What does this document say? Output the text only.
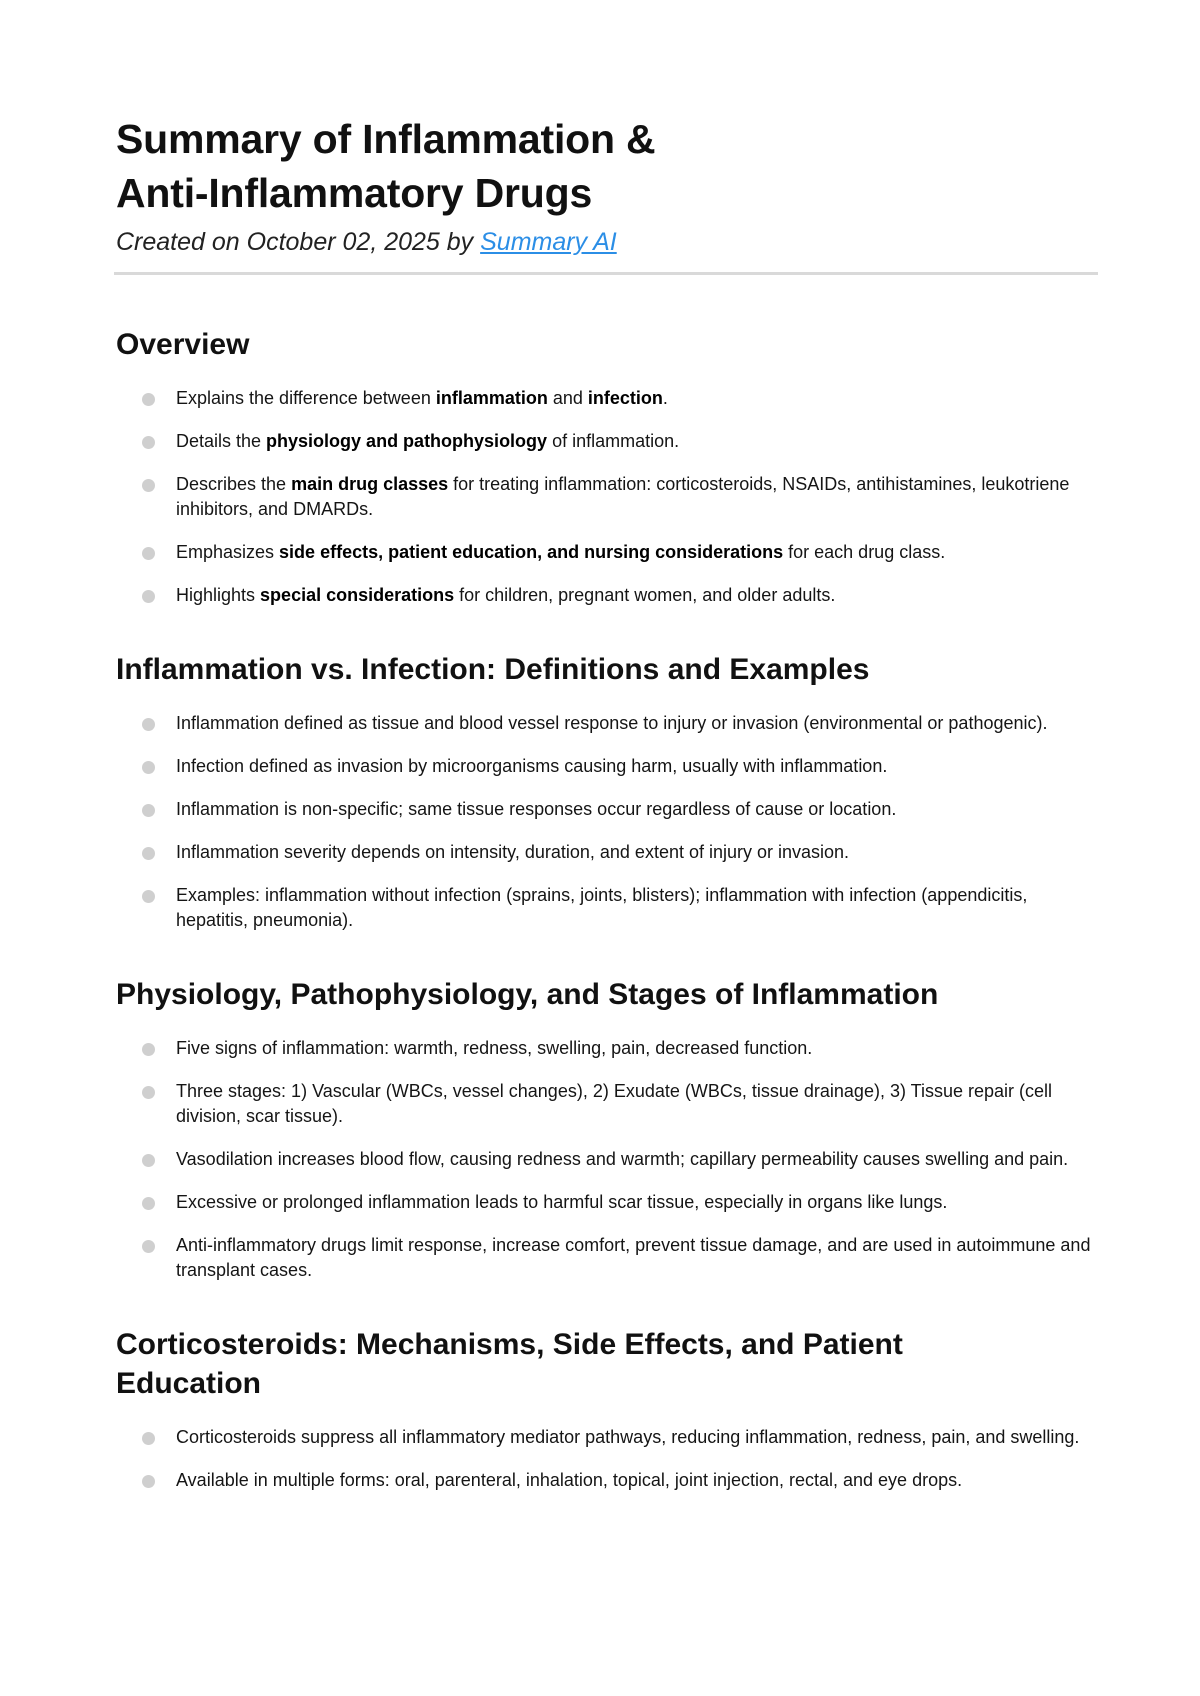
Summary of Inflammation &
Anti-Inflammatory Drugs
Created on October 02, 2025 by Summary AI
Overview
Explains the difference between inflammation and infection.
Details the physiology and pathophysiology of inflammation.
Describes the main drug classes for treating inflammation: corticosteroids, NSAIDs, antihistamines, leukotriene inhibitors, and DMARDs.
Emphasizes side effects, patient education, and nursing considerations for each drug class.
Highlights special considerations for children, pregnant women, and older adults.
Inflammation vs. Infection: Definitions and Examples
Inflammation defined as tissue and blood vessel response to injury or invasion (environmental or pathogenic).
Infection defined as invasion by microorganisms causing harm, usually with inflammation.
Inflammation is non-specific; same tissue responses occur regardless of cause or location.
Inflammation severity depends on intensity, duration, and extent of injury or invasion.
Examples: inflammation without infection (sprains, joints, blisters); inflammation with infection (appendicitis, hepatitis, pneumonia).
Physiology, Pathophysiology, and Stages of Inflammation
Five signs of inflammation: warmth, redness, swelling, pain, decreased function.
Three stages: 1) Vascular (WBCs, vessel changes), 2) Exudate (WBCs, tissue drainage), 3) Tissue repair (cell division, scar tissue).
Vasodilation increases blood flow, causing redness and warmth; capillary permeability causes swelling and pain.
Excessive or prolonged inflammation leads to harmful scar tissue, especially in organs like lungs.
Anti-inflammatory drugs limit response, increase comfort, prevent tissue damage, and are used in autoimmune and transplant cases.
Corticosteroids: Mechanisms, Side Effects, and Patient
Education
Corticosteroids suppress all inflammatory mediator pathways, reducing inflammation, redness, pain, and swelling.
Available in multiple forms: oral, parenteral, inhalation, topical, joint injection, rectal, and eye drops.
